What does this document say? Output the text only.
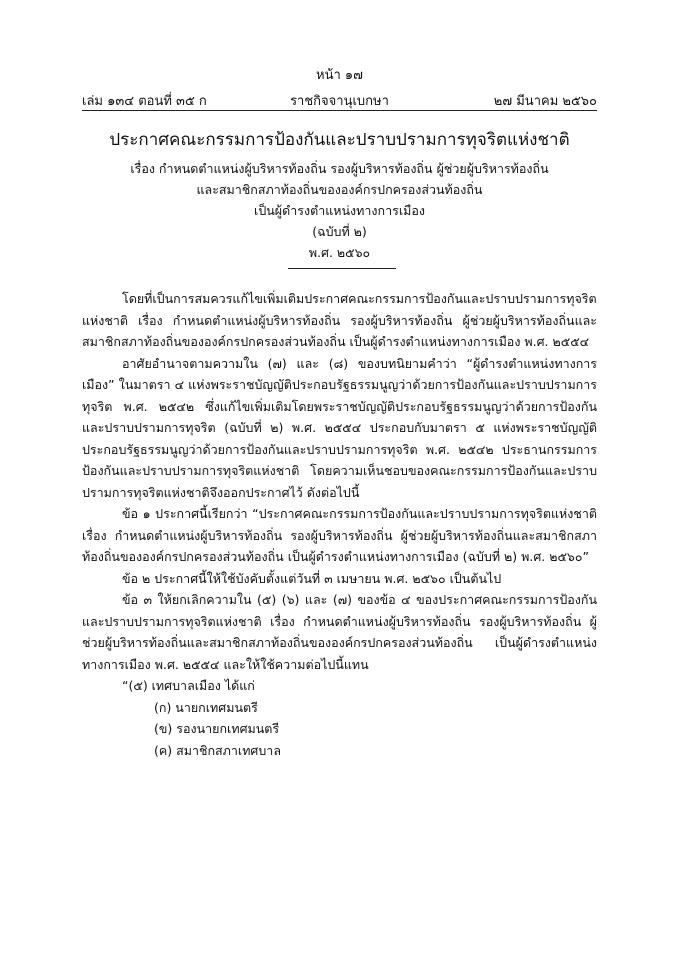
หน้า ๑๗
เล่ม ๑๓๔ ตอนที่ ๓๕ ก	ราชกิจจานุเบกษา	๒๗ มีนาคม ๒๕๖๐
ประกาศคณะกรรมการป้องกันและปราบปรามการทุจริตแห่งชาติ
เรื่อง กำหนดตำแหน่งผู้บริหารท้องถิ่น รองผู้บริหารท้องถิ่น ผู้ช่วยผู้บริหารท้องถิ่น
และสมาชิกสภาท้องถิ่นขององค์กรปกครองส่วนท้องถิ่น
เป็นผู้ดำรงตำแหน่งทางการเมือง
(ฉบับที่ ๒)
พ.ศ. ๒๕๖๐

โดยที่เป็นการสมควรแก้ไขเพิ่มเติมประกาศคณะกรรมการป้องกันและปราบปรามการทุจริตแห่งชาติ เรื่อง กำหนดตำแหน่งผู้บริหารท้องถิ่น รองผู้บริหารท้องถิ่น ผู้ช่วยผู้บริหารท้องถิ่นและสมาชิกสภาท้องถิ่นขององค์กรปกครองส่วนท้องถิ่น เป็นผู้ดำรงตำแหน่งทางการเมือง พ.ศ. ๒๕๕๔

อาศัยอำนาจตามความใน (๗) และ (๘) ของบทนิยามคำว่า “ผู้ดำรงตำแหน่งทางการเมือง” ในมาตรา ๔ แห่งพระราชบัญญัติประกอบรัฐธรรมนูญว่าด้วยการป้องกันและปราบปรามการทุจริต พ.ศ. ๒๕๔๒ ซึ่งแก้ไขเพิ่มเติมโดยพระราชบัญญัติประกอบรัฐธรรมนูญว่าด้วยการป้องกันและปราบปรามการทุจริต (ฉบับที่ ๒) พ.ศ. ๒๕๕๔ ประกอบกับมาตรา ๕ แห่งพระราชบัญญัติประกอบรัฐธรรมนูญว่าด้วยการป้องกันและปราบปรามการทุจริต พ.ศ. ๒๕๔๒ ประธานกรรมการป้องกันและปราบปรามการทุจริตแห่งชาติ โดยความเห็นชอบของคณะกรรมการป้องกันและปราบปรามการทุจริตแห่งชาติจึงออกประกาศไว้ ดังต่อไปนี้

ข้อ ๑ ประกาศนี้เรียกว่า “ประกาศคณะกรรมการป้องกันและปราบปรามการทุจริตแห่งชาติ เรื่อง กำหนดตำแหน่งผู้บริหารท้องถิ่น รองผู้บริหารท้องถิ่น ผู้ช่วยผู้บริหารท้องถิ่นและสมาชิกสภาท้องถิ่นขององค์กรปกครองส่วนท้องถิ่น เป็นผู้ดำรงตำแหน่งทางการเมือง (ฉบับที่ ๒) พ.ศ. ๒๕๖๐”

ข้อ ๒ ประกาศนี้ให้ใช้บังคับตั้งแต่วันที่ ๓ เมษายน พ.ศ. ๒๕๖๐ เป็นต้นไป

ข้อ ๓ ให้ยกเลิกความใน (๕) (๖) และ (๗) ของข้อ ๔ ของประกาศคณะกรรมการป้องกันและปราบปรามการทุจริตแห่งชาติ เรื่อง กำหนดตำแหน่งผู้บริหารท้องถิ่น รองผู้บริหารท้องถิ่น ผู้ช่วยผู้บริหารท้องถิ่นและสมาชิกสภาท้องถิ่นขององค์กรปกครองส่วนท้องถิ่น เป็นผู้ดำรงตำแหน่งทางการเมือง พ.ศ. ๒๕๕๔ และให้ใช้ความต่อไปนี้แทน

“(๕) เทศบาลเมือง ได้แก่

(ก) นายกเทศมนตรี

(ข) รองนายกเทศมนตรี

(ค) สมาชิกสภาเทศบาล
